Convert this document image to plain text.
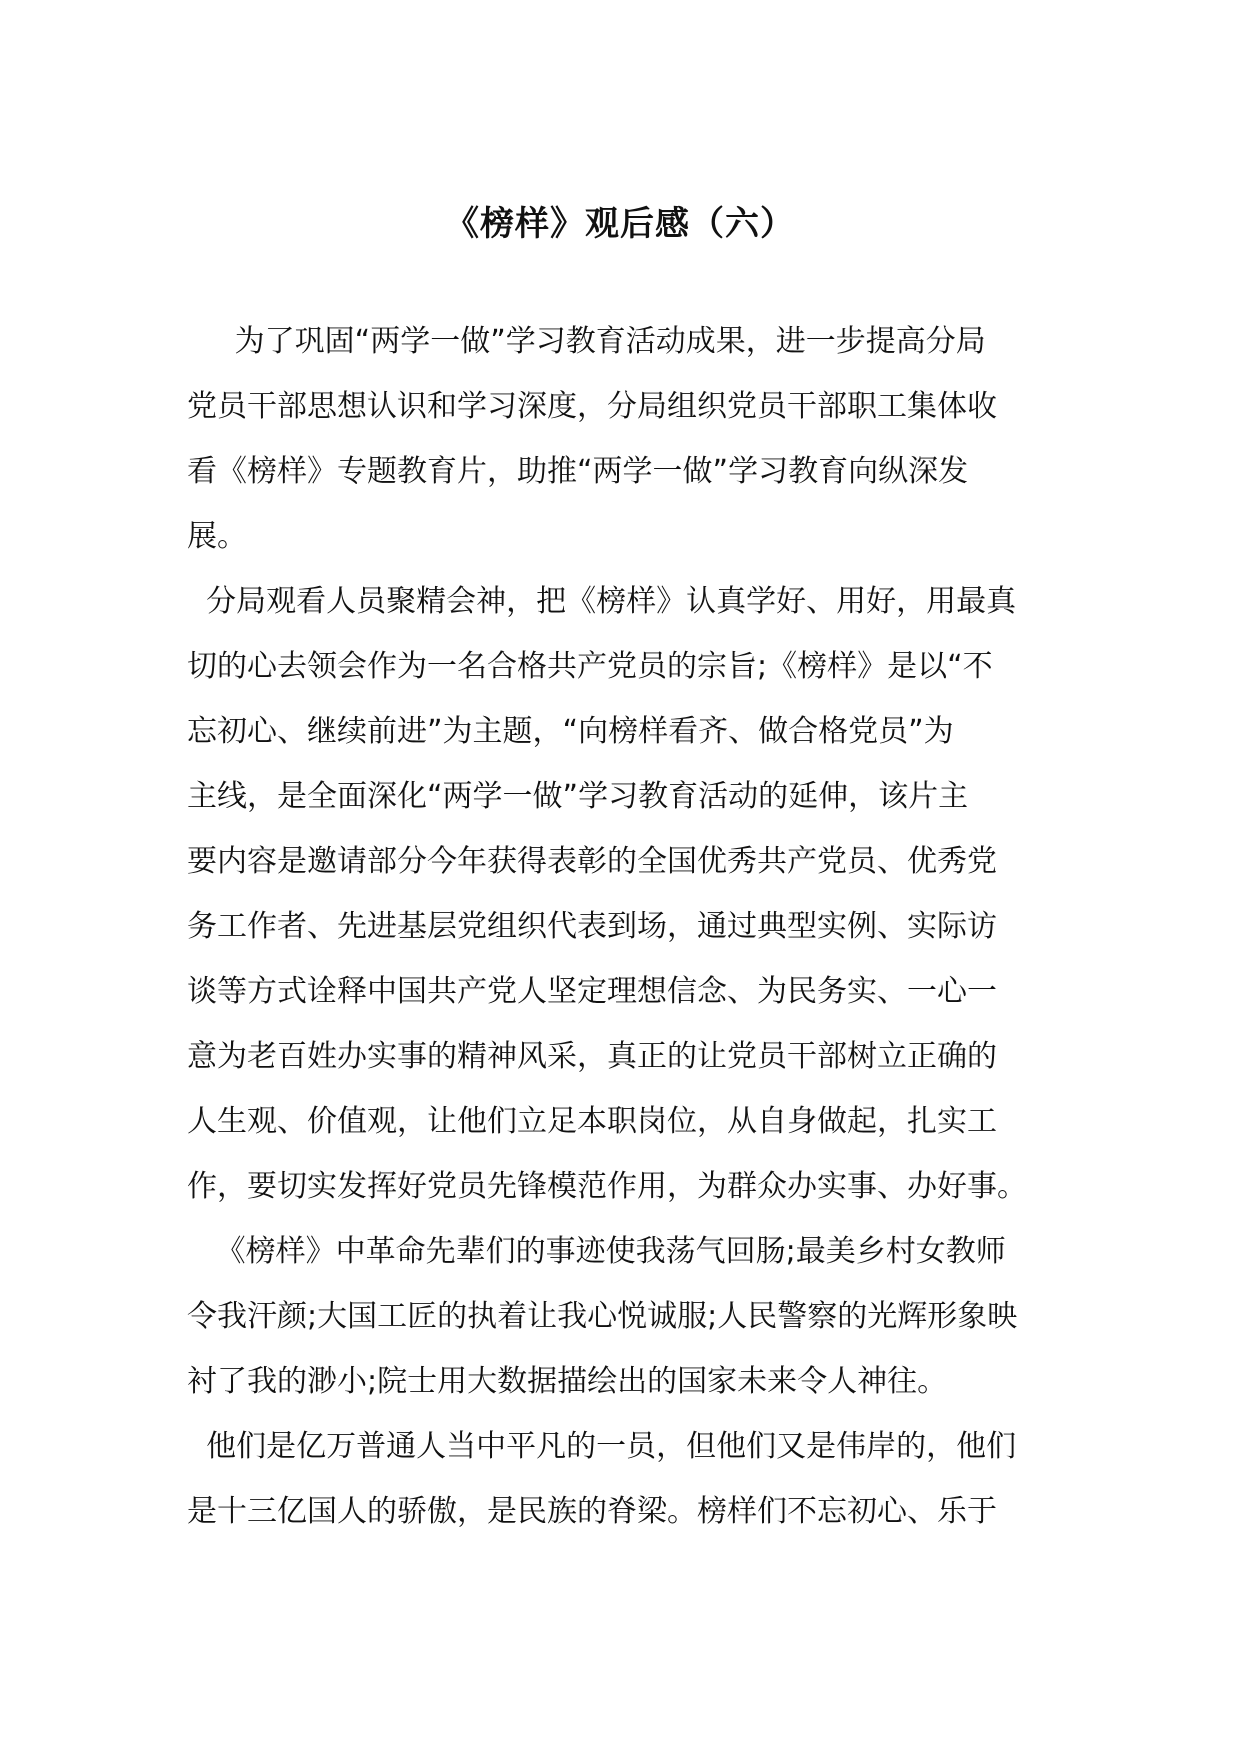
《榜样》观后感（六）
为了巩固“两学一做”学习教育活动成果，进一步提高分局
党员干部思想认识和学习深度，分局组织党员干部职工集体收
看《榜样》专题教育片，助推“两学一做”学习教育向纵深发
展。
分局观看人员聚精会神，把《榜样》认真学好、用好，用最真
切的心去领会作为一名合格共产党员的宗旨;《榜样》是以“不
忘初心、继续前进”为主题，“向榜样看齐、做合格党员”为
主线，是全面深化“两学一做”学习教育活动的延伸，该片主
要内容是邀请部分今年获得表彰的全国优秀共产党员、优秀党
务工作者、先进基层党组织代表到场，通过典型实例、实际访
谈等方式诠释中国共产党人坚定理想信念、为民务实、一心一
意为老百姓办实事的精神风采，真正的让党员干部树立正确的
人生观、价值观，让他们立足本职岗位，从自身做起，扎实工
作，要切实发挥好党员先锋模范作用，为群众办实事、办好事。
《榜样》中革命先辈们的事迹使我荡气回肠;最美乡村女教师
令我汗颜;大国工匠的执着让我心悦诚服;人民警察的光辉形象映
衬了我的渺小;院士用大数据描绘出的国家未来令人神往。
他们是亿万普通人当中平凡的一员，但他们又是伟岸的，他们
是十三亿国人的骄傲，是民族的脊梁。榜样们不忘初心、乐于
